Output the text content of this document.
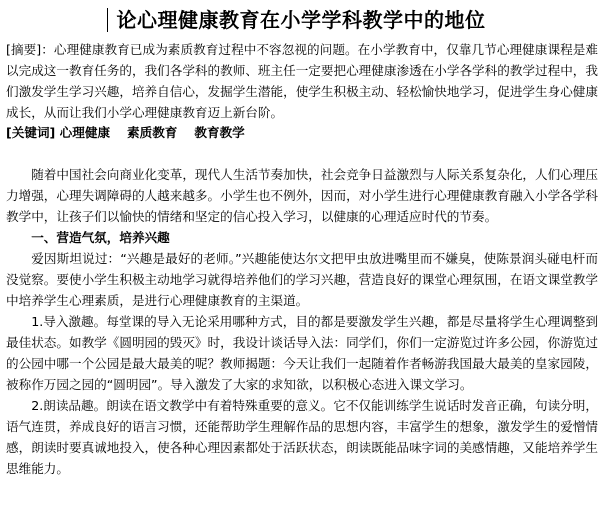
论心理健康教育在小学学科教学中的地位
[摘要]：心理健康教育已成为素质教育过程中不容忽视的问题。在小学教育中，仅靠几节心理健康课程是难以完成这一教育任务的，我们各学科的教师、班主任一定要把心理健康渗透在小学各学科的教学过程中，我们激发学生学习兴趣，培养自信心，发掘学生潜能，使学生积极主动、轻松愉快地学习，促进学生身心健康成长，从而让我们小学心理健康教育迈上新台阶。
[关键词] 心理健康　 素质教育　 教育教学

随着中国社会向商业化变革，现代人生活节奏加快，社会竞争日益激烈与人际关系复杂化，人们心理压力增强，心理失调障碍的人越来越多。小学生也不例外，因而，对小学生进行心理健康教育融入小学各学科教学中，让孩子们以愉快的情绪和坚定的信心投入学习，以健康的心理适应时代的节奏。

一、营造气氛，培养兴趣

爱因斯坦说过：“兴趣是最好的老师。”兴趣能使达尔文把甲虫放进嘴里而不嫌臭，使陈景润头碰电杆而没觉察。要使小学生积极主动地学习就得培养他们的学习兴趣，营造良好的课堂心理氛围，在语文课堂教学中培养学生心理素质，是进行心理健康教育的主渠道。

1.导入激趣。每堂课的导入无论采用哪种方式，目的都是要激发学生兴趣，都是尽量将学生心理调整到最佳状态。如教学《圆明园的毁灭》时，我设计谈话导入法：同学们，你们一定游览过许多公园，你游览过的公园中哪一个公园是最大最美的呢？教师揭题：今天让我们一起随着作者畅游我国最大最美的皇家园陵，被称作万园之园的“圆明园”。导入激发了大家的求知欲，以积极心态进入课文学习。

2.朗读品趣。朗读在语文教学中有着特殊重要的意义。它不仅能训练学生说话时发音正确，句读分明，语气连贯，养成良好的语言习惯，还能帮助学生理解作品的思想内容，丰富学生的想象，激发学生的爱憎情感，朗读时要真诚地投入，使各种心理因素都处于活跃状态，朗读既能品味字词的美感情趣，又能培养学生思维能力。
